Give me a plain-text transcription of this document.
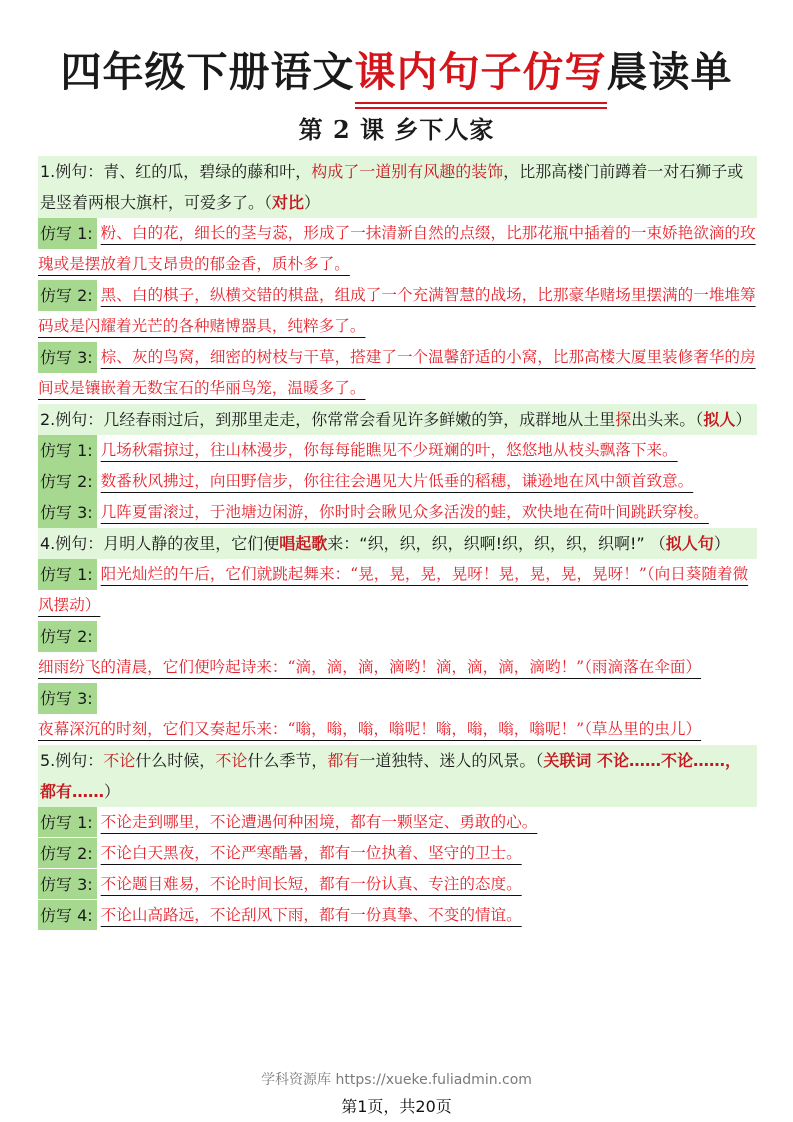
四年级下册语文课内句子仿写晨读单
第 2 课 乡下人家
1.例句：青、红的瓜，碧绿的藤和叶，构成了一道别有风趣的装饰，比那高楼门前蹲着一对石狮子或是竖着两根大旗杆，可爱多了。（对比）
仿写 1: 粉、白的花，细长的茎与蕊，形成了一抹清新自然的点缀，比那花瓶中插着的一束娇艳欲滴的玫瑰或是摆放着几支昂贵的郁金香，质朴多了。
仿写 2: 黑、白的棋子，纵横交错的棋盘，组成了一个充满智慧的战场，比那豪华赌场里摆满的一堆堆筹码或是闪耀着光芒的各种赌博器具，纯粹多了。
仿写 3: 棕、灰的鸟窝，细密的树枝与干草，搭建了一个温馨舒适的小窝，比那高楼大厦里装修奢华的房间或是镶嵌着无数宝石的华丽鸟笼，温暖多了。
2.例句：几经春雨过后，到那里走走，你常常会看见许多鲜嫩的笋，成群地从土里探出头来。（拟人）
仿写 1: 几场秋霜掠过，往山林漫步，你每每能瞧见不少斑斓的叶，悠悠地从枝头飘落下来。
仿写 2: 数番秋风拂过，向田野信步，你往往会遇见大片低垂的稻穗，谦逊地在风中颔首致意。
仿写 3: 几阵夏雷滚过，于池塘边闲游，你时时会瞅见众多活泼的蛙，欢快地在荷叶间跳跃穿梭。
4.例句：月明人静的夜里，它们便唱起歌来：“织，织，织，织啊!织，织，织，织啊!” （拟人句）
仿写 1: 阳光灿烂的午后，它们就跳起舞来：“晃，晃，晃，晃呀！晃，晃，晃，晃呀！”（向日葵随着微风摆动）
仿写 2:细雨纷飞的清晨，它们便吟起诗来：“滴，滴，滴，滴哟！滴，滴，滴，滴哟！”（雨滴落在伞面）
仿写 3:夜幕深沉的时刻，它们又奏起乐来：“嗡，嗡，嗡，嗡呢！嗡，嗡，嗡，嗡呢！”（草丛里的虫儿）
5.例句：不论什么时候，不论什么季节，都有一道独特、迷人的风景。（关联词 不论……不论……，都有……）
仿写 1: 不论走到哪里，不论遭遇何种困境，都有一颗坚定、勇敢的心。
仿写 2: 不论白天黑夜，不论严寒酷暑，都有一位执着、坚守的卫士。
仿写 3: 不论题目难易，不论时间长短，都有一份认真、专注的态度。
仿写 4: 不论山高路远，不论刮风下雨，都有一份真挚、不变的情谊。
学科资源库 https://xueke.fuliadmin.com
第1页，共20页
